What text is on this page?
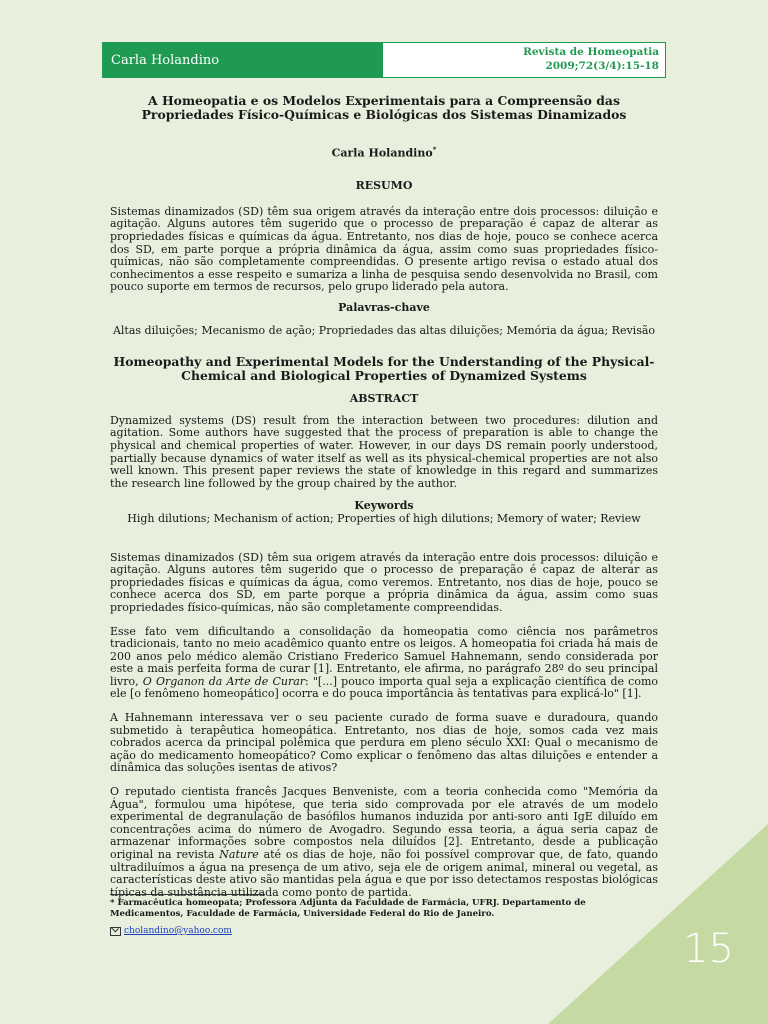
Carla Holandino
Revista de Homeopatia
2009;72(3/4):15-18
A Homeopatia e os Modelos Experimentais para a Compreensão das Propriedades Físico-Químicas e Biológicas dos Sistemas Dinamizados
Carla Holandino*
RESUMO

Sistemas dinamizados (SD) têm sua origem através da interação entre dois processos: diluição e agitação. Alguns autores têm sugerido que o processo de preparação é capaz de alterar as propriedades físicas e químicas da água. Entretanto, nos dias de hoje, pouco se conhece acerca dos SD, em parte porque a própria dinâmica da água, assim como suas propriedades físico-químicas, não são completamente compreendidas. O presente artigo revisa o estado atual dos conhecimentos a esse respeito e sumariza a linha de pesquisa sendo desenvolvida no Brasil, com pouco suporte em termos de recursos, pelo grupo liderado pela autora.

Palavras-chave
Altas diluições; Mecanismo de ação; Propriedades das altas diluições; Memória da água; Revisão
Homeopathy and Experimental Models for the Understanding of the Physical-Chemical and Biological Properties of Dynamized Systems
ABSTRACT

Dynamized systems (DS) result from the interaction between two procedures: dilution and agitation. Some authors have suggested that the process of preparation is able to change the physical and chemical properties of water. However, in our days DS remain poorly understood, partially because dynamics of water itself as well as its physical-chemical properties are not also well known. This present paper reviews the state of knowledge in this regard and summarizes the research line followed by the group chaired by the author.

Keywords
High dilutions; Mechanism of action; Properties of high dilutions; Memory of water; Review

Sistemas dinamizados (SD) têm sua origem através da interação entre dois processos: diluição e agitação. Alguns autores têm sugerido que o processo de preparação é capaz de alterar as propriedades físicas e químicas da água, como veremos. Entretanto, nos dias de hoje, pouco se conhece acerca dos SD, em parte porque a própria dinâmica da água, assim como suas propriedades físico-químicas, não são completamente compreendidas.

Esse fato vem dificultando a consolidação da homeopatia como ciência nos parâmetros tradicionais, tanto no meio acadêmico quanto entre os leigos. A homeopatia foi criada há mais de 200 anos pelo médico alemão Cristiano Frederico Samuel Hahnemann, sendo considerada por este a mais perfeita forma de curar [1]. Entretanto, ele afirma, no parágrafo 28º do seu principal livro, O Organon da Arte de Curar: "[...] pouco importa qual seja a explicação científica de como ele [o fenômeno homeopático] ocorra e do pouca importância às tentativas para explicá-lo" [1].

A Hahnemann interessava ver o seu paciente curado de forma suave e duradoura, quando submetido à terapêutica homeopática. Entretanto, nos dias de hoje, somos cada vez mais cobrados acerca da principal polêmica que perdura em pleno século XXI: Qual o mecanismo de ação do medicamento homeopático? Como explicar o fenômeno das altas diluições e entender a dinâmica das soluções isentas de ativos?

O reputado cientista francês Jacques Benveniste, com a teoria conhecida como "Memória da Água", formulou uma hipótese, que teria sido comprovada por ele através de um modelo experimental de degranulação de basófilos humanos induzida por anti-soro anti IgE diluído em concentrações acima do número de Avogadro. Segundo essa teoria, a água seria capaz de armazenar informações sobre compostos nela diluídos [2]. Entretanto, desde a publicação original na revista Nature até os dias de hoje, não foi possível comprovar que, de fato, quando ultradiluímos a água na presença de um ativo, seja ele de origem animal, mineral ou vegetal, as características deste ativo são mantidas pela água e que por isso detectamos respostas biológicas típicas da substância utilizada como ponto de partida.

* Farmacêutica homeopata; Professora Adjunta da Faculdade de Farmácia, UFRJ. Departamento de Medicamentos, Faculdade de Farmácia, Universidade Federal do Rio de Janeiro.
cholandino@yahoo.com	15
